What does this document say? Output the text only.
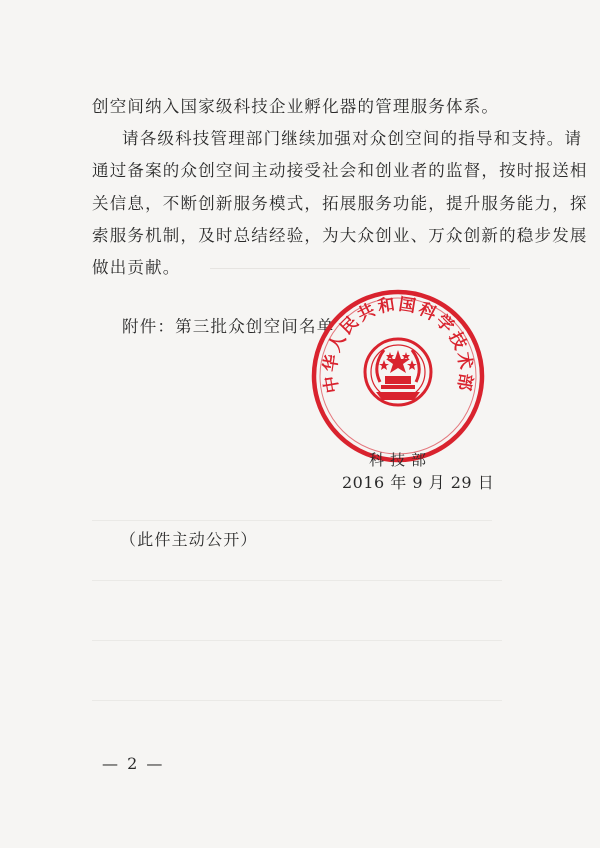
创空间纳入国家级科技企业孵化器的管理服务体系。
请各级科技管理部门继续加强对众创空间的指导和支持。请
通过备案的众创空间主动接受社会和创业者的监督，按时报送相
关信息，不断创新服务模式，拓展服务功能，提升服务能力，探
索服务机制，及时总结经验，为大众创业、万众创新的稳步发展
做出贡献。
附件：第三批众创空间名单
中华人民共和国科学技术部
科技部
2016 年 9 月 29 日
（此件主动公开）
— 2 —
